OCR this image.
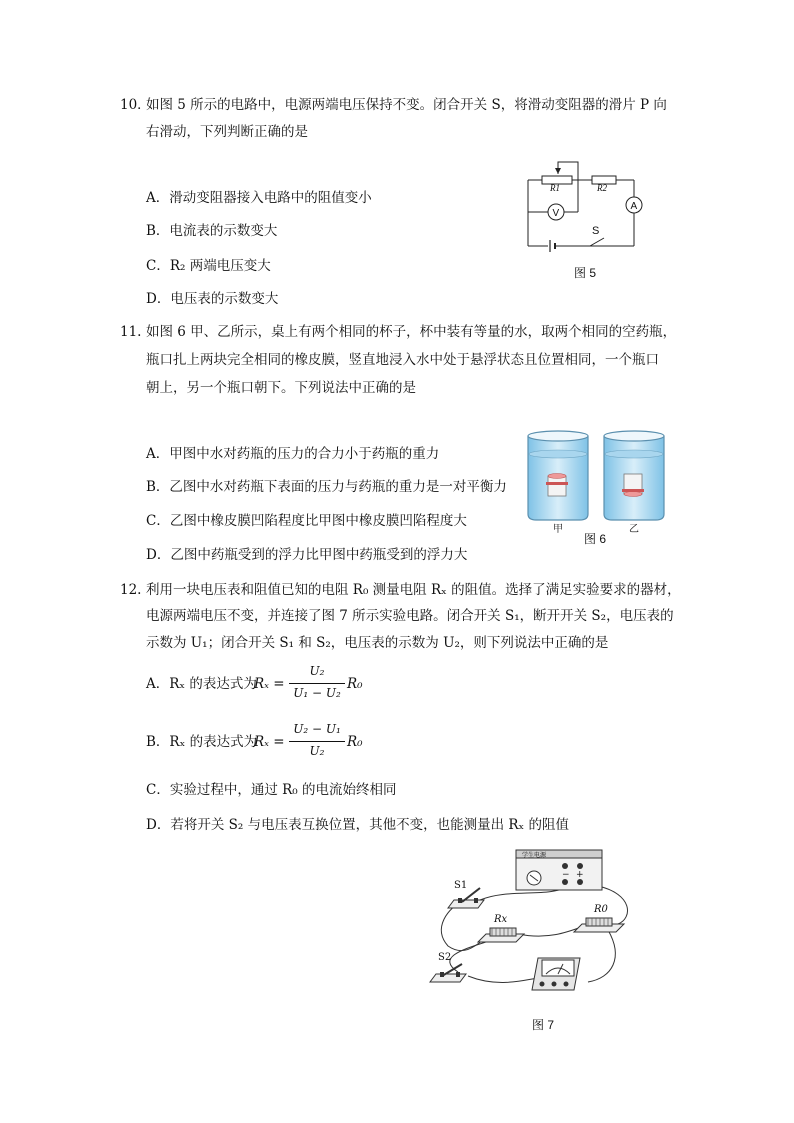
10．
如图 5 所示的电路中，电源两端电压保持不变。闭合开关 S，将滑动变阻器的滑片 P 向
右滑动，下列判断正确的是
A．滑动变阻器接入电路中的阻值变小
B．电流表的示数变大
C．R₂ 两端电压变大
D．电压表的示数变大
R1	R2
V
A
S
图 5
11. 如图 6 甲、乙所示，桌上有两个相同的杯子，杯中装有等量的水，取两个相同的空药瓶，
瓶口扎上两块完全相同的橡皮膜，竖直地浸入水中处于悬浮状态且位置相同，一个瓶口
朝上，另一个瓶口朝下。下列说法中正确的是
A．甲图中水对药瓶的压力的合力小于药瓶的重力
B．乙图中水对药瓶下表面的压力与药瓶的重力是一对平衡力
C．乙图中橡皮膜凹陷程度比甲图中橡皮膜凹陷程度大
D．乙图中药瓶受到的浮力比甲图中药瓶受到的浮力大
甲	乙
图 6
12. 利用一块电压表和阻值已知的电阻 R₀ 测量电阻 Rₓ 的阻值。选择了满足实验要求的器材，
电源两端电压不变，并连接了图 7 所示实验电路。闭合开关 S₁，断开开关 S₂，电压表的
示数为 U₁；闭合开关 S₁ 和 S₂，电压表的示数为 U₂，则下列说法中正确的是
A．Rₓ 的表达式为
Rₓ =
U₂
U₁ − U₂
R₀
B．Rₓ 的表达式为
Rₓ =
U₂ − U₁
U₂
R₀
C．实验过程中，通过 R₀ 的电流始终相同
D．若将开关 S₂ 与电压表互换位置，其他不变，也能测量出 Rₓ 的阻值
学生电源
− +
S1
Rx
R0
S2
图 7
